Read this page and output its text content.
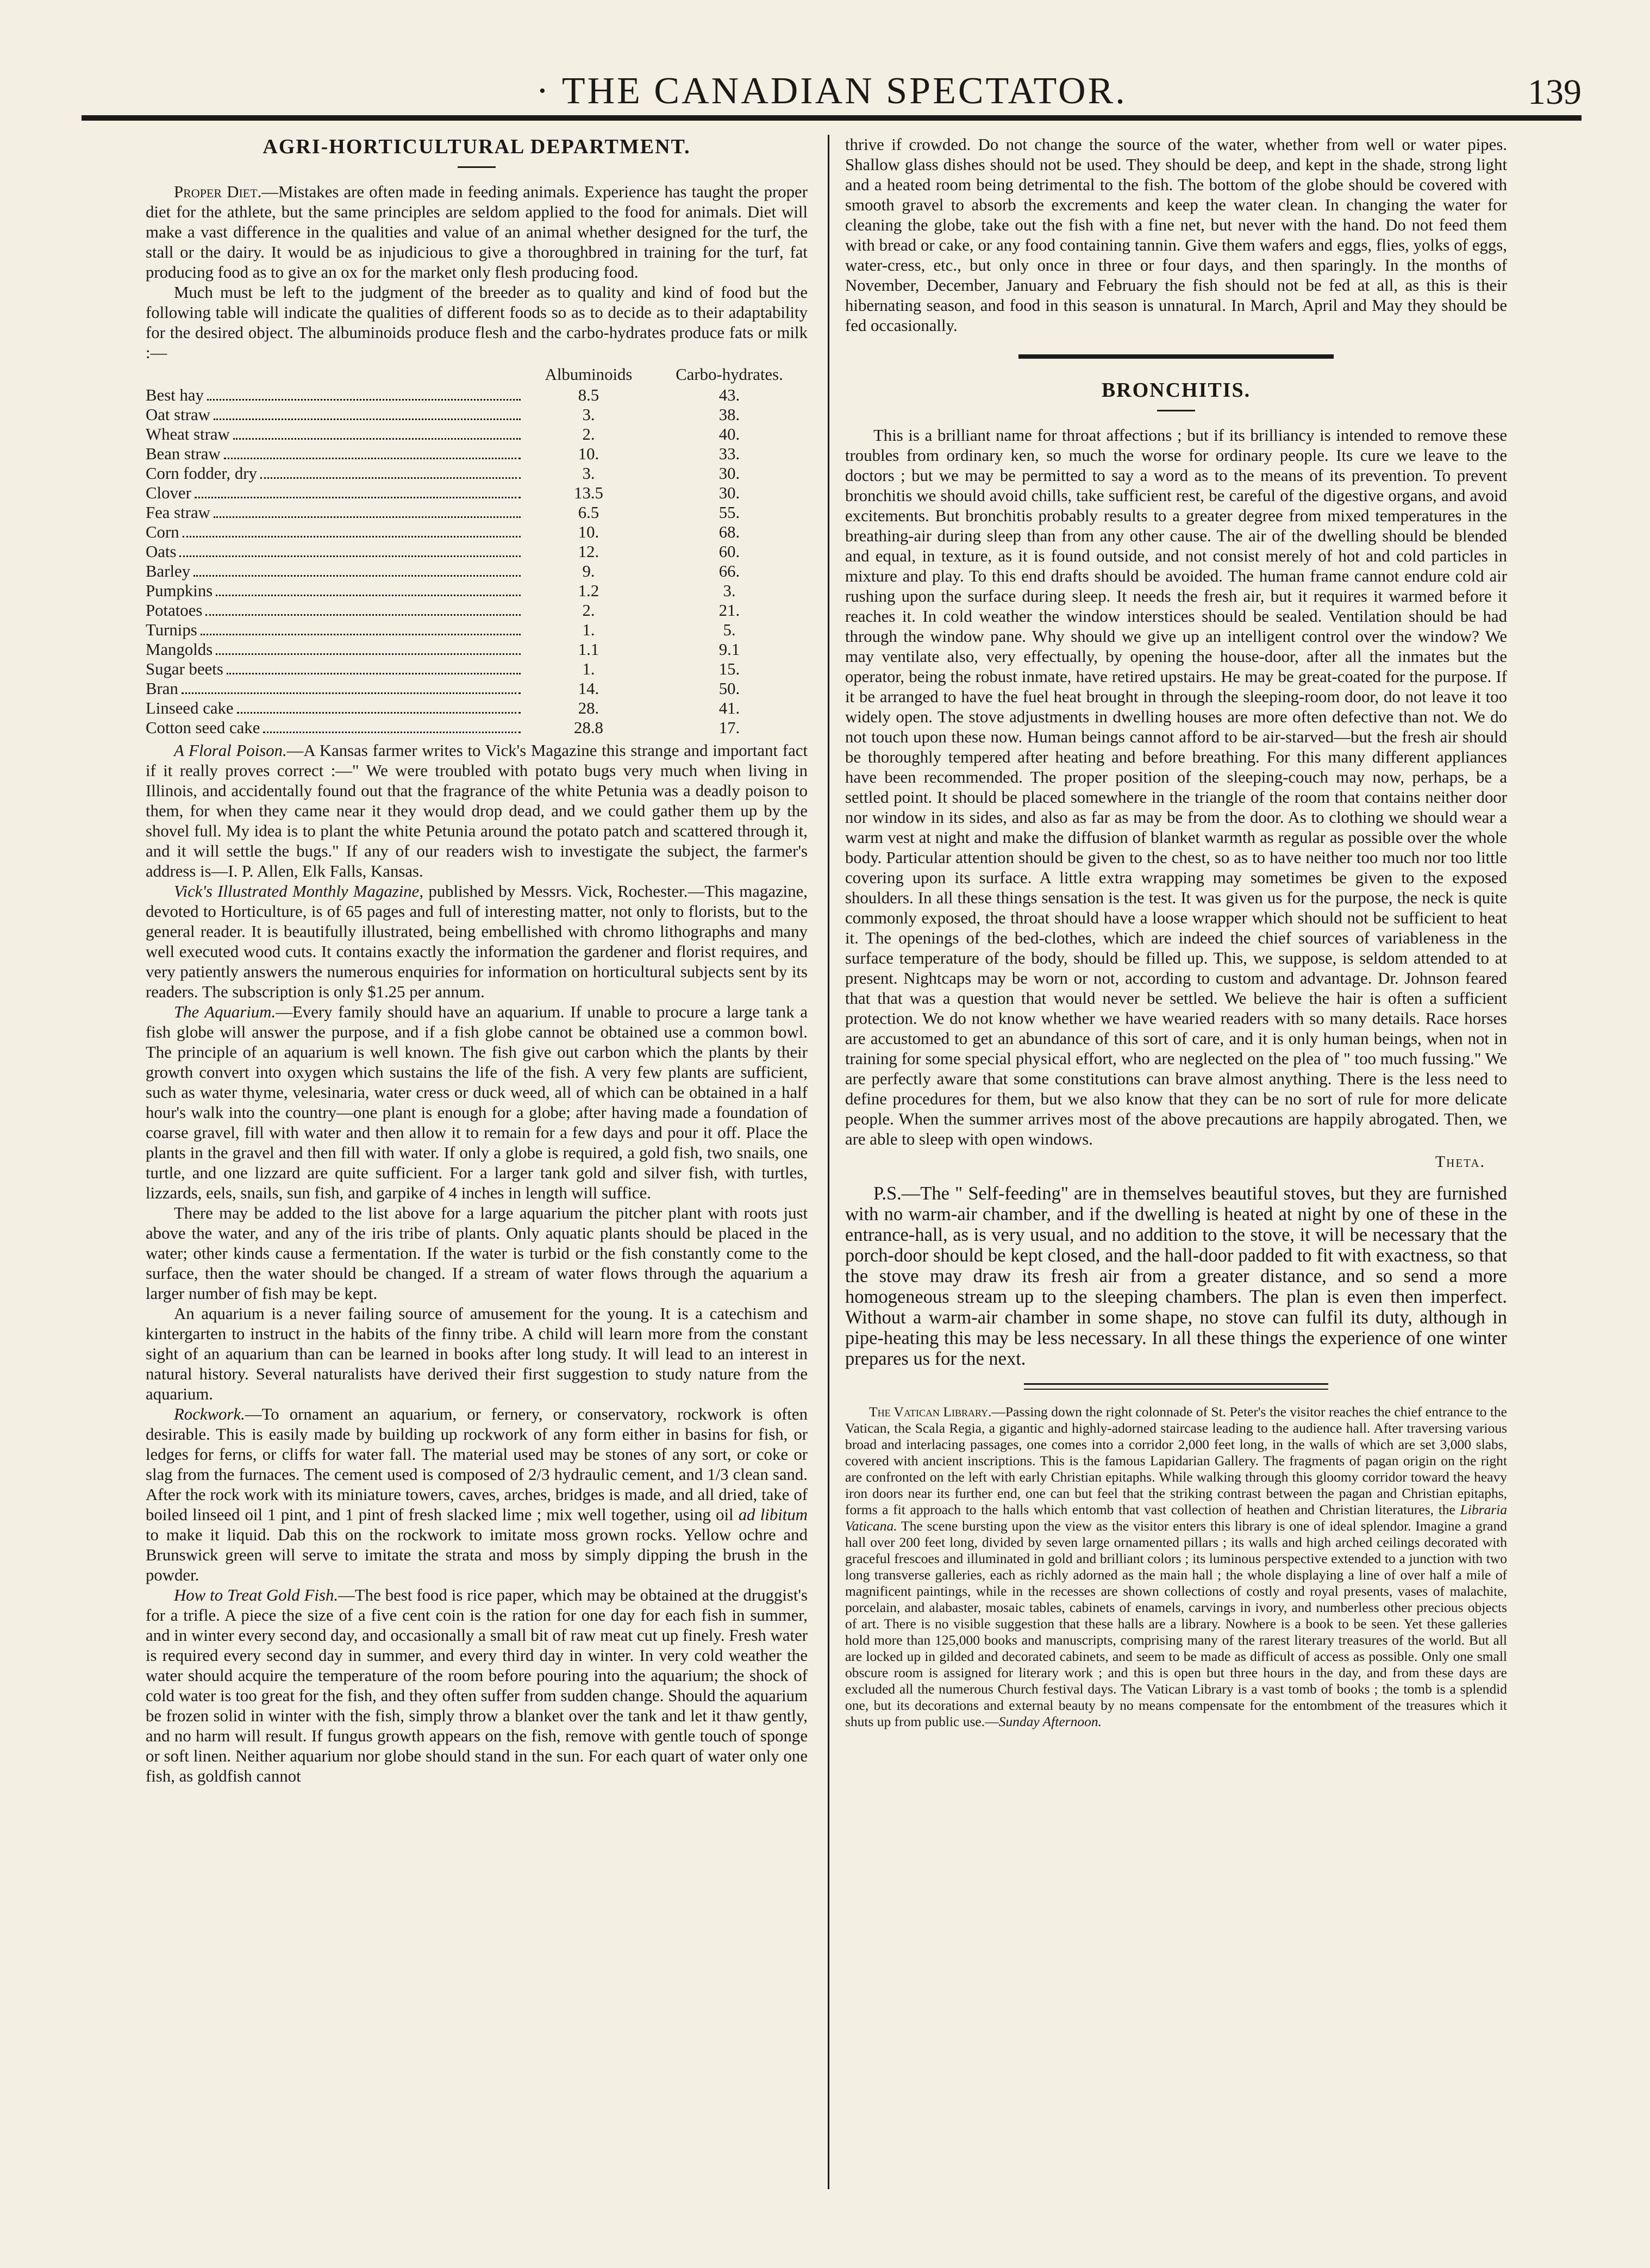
· THE CANADIAN SPECTATOR.	139
AGRI-HORTICULTURAL DEPARTMENT.

Proper Diet.—Mistakes are often made in feeding animals. Experience has taught the proper diet for the athlete, but the same principles are seldom applied to the food for animals. Diet will make a vast difference in the qualities and value of an animal whether designed for the turf, the stall or the dairy. It would be as injudicious to give a thoroughbred in training for the turf, fat producing food as to give an ox for the market only flesh producing food.

Much must be left to the judgment of the breeder as to quality and kind of food but the following table will indicate the qualities of different foods so as to decide as to their adaptability for the desired object. The albuminoids produce flesh and the carbo-hydrates produce fats or milk :—

	Albuminoids	Carbo-hydrates.

Best hay	8.5	43.

Oat straw	3.	38.

Wheat straw	2.	40.

Bean straw	10.	33.

Corn fodder, dry	3.	30.

Clover	13.5	30.

Fea straw	6.5	55.

Corn	10.	68.

Oats	12.	60.

Barley	9.	66.

Pumpkins	1.2	3.

Potatoes	2.	21.

Turnips	1.	5.

Mangolds	1.1	9.1

Sugar beets	1.	15.

Bran	14.	50.

Linseed cake	28.	41.

Cotton seed cake	28.8	17.

A Floral Poison.—A Kansas farmer writes to Vick's Magazine this strange and important fact if it really proves correct :—" We were troubled with potato bugs very much when living in Illinois, and accidentally found out that the fragrance of the white Petunia was a deadly poison to them, for when they came near it they would drop dead, and we could gather them up by the shovel full. My idea is to plant the white Petunia around the potato patch and scattered through it, and it will settle the bugs." If any of our readers wish to investigate the subject, the farmer's address is—I. P. Allen, Elk Falls, Kansas.

Vick's Illustrated Monthly Magazine, published by Messrs. Vick, Rochester.—This magazine, devoted to Horticulture, is of 65 pages and full of interesting matter, not only to florists, but to the general reader. It is beautifully illustrated, being embellished with chromo lithographs and many well executed wood cuts. It contains exactly the information the gardener and florist requires, and very patiently answers the numerous enquiries for information on horticultural subjects sent by its readers. The subscription is only $1.25 per annum.

The Aquarium.—Every family should have an aquarium. If unable to procure a large tank a fish globe will answer the purpose, and if a fish globe cannot be obtained use a common bowl. The principle of an aquarium is well known. The fish give out carbon which the plants by their growth convert into oxygen which sustains the life of the fish. A very few plants are sufficient, such as water thyme, velesinaria, water cress or duck weed, all of which can be obtained in a half hour's walk into the country—one plant is enough for a globe; after having made a foundation of coarse gravel, fill with water and then allow it to remain for a few days and pour it off. Place the plants in the gravel and then fill with water. If only a globe is required, a gold fish, two snails, one turtle, and one lizzard are quite sufficient. For a larger tank gold and silver fish, with turtles, lizzards, eels, snails, sun fish, and garpike of 4 inches in length will suffice.

There may be added to the list above for a large aquarium the pitcher plant with roots just above the water, and any of the iris tribe of plants. Only aquatic plants should be placed in the water; other kinds cause a fermentation. If the water is turbid or the fish constantly come to the surface, then the water should be changed. If a stream of water flows through the aquarium a larger number of fish may be kept.

An aquarium is a never failing source of amusement for the young. It is a catechism and kintergarten to instruct in the habits of the finny tribe. A child will learn more from the constant sight of an aquarium than can be learned in books after long study. It will lead to an interest in natural history. Several naturalists have derived their first suggestion to study nature from the aquarium.

Rockwork.—To ornament an aquarium, or fernery, or conservatory, rockwork is often desirable. This is easily made by building up rockwork of any form either in basins for fish, or ledges for ferns, or cliffs for water fall. The material used may be stones of any sort, or coke or slag from the furnaces. The cement used is composed of 2/3 hydraulic cement, and 1/3 clean sand. After the rock work with its miniature towers, caves, arches, bridges is made, and all dried, take of boiled linseed oil 1 pint, and 1 pint of fresh slacked lime ; mix well together, using oil ad libitum to make it liquid. Dab this on the rockwork to imitate moss grown rocks. Yellow ochre and Brunswick green will serve to imitate the strata and moss by simply dipping the brush in the powder.

How to Treat Gold Fish.—The best food is rice paper, which may be obtained at the druggist's for a trifle. A piece the size of a five cent coin is the ration for one day for each fish in summer, and in winter every second day, and occasionally a small bit of raw meat cut up finely. Fresh water is required every second day in summer, and every third day in winter. In very cold weather the water should acquire the temperature of the room before pouring into the aquarium; the shock of cold water is too great for the fish, and they often suffer from sudden change. Should the aquarium be frozen solid in winter with the fish, simply throw a blanket over the tank and let it thaw gently, and no harm will result. If fungus growth appears on the fish, remove with gentle touch of sponge or soft linen. Neither aquarium nor globe should stand in the sun. For each quart of water only one fish, as goldfish cannot

thrive if crowded. Do not change the source of the water, whether from well or water pipes. Shallow glass dishes should not be used. They should be deep, and kept in the shade, strong light and a heated room being detrimental to the fish. The bottom of the globe should be covered with smooth gravel to absorb the excrements and keep the water clean. In changing the water for cleaning the globe, take out the fish with a fine net, but never with the hand. Do not feed them with bread or cake, or any food containing tannin. Give them wafers and eggs, flies, yolks of eggs, water-cress, etc., but only once in three or four days, and then sparingly. In the months of November, December, January and February the fish should not be fed at all, as this is their hibernating season, and food in this season is unnatural. In March, April and May they should be fed occasionally.

BRONCHITIS.

This is a brilliant name for throat affections ; but if its brilliancy is intended to remove these troubles from ordinary ken, so much the worse for ordinary people. Its cure we leave to the doctors ; but we may be permitted to say a word as to the means of its prevention. To prevent bronchitis we should avoid chills, take sufficient rest, be careful of the digestive organs, and avoid excitements. But bronchitis probably results to a greater degree from mixed temperatures in the breathing-air during sleep than from any other cause. The air of the dwelling should be blended and equal, in texture, as it is found outside, and not consist merely of hot and cold particles in mixture and play. To this end drafts should be avoided. The human frame cannot endure cold air rushing upon the surface during sleep. It needs the fresh air, but it requires it warmed before it reaches it. In cold weather the window interstices should be sealed. Ventilation should be had through the window pane. Why should we give up an intelligent control over the window? We may ventilate also, very effectually, by opening the house-door, after all the inmates but the operator, being the robust inmate, have retired upstairs. He may be great-coated for the purpose. If it be arranged to have the fuel heat brought in through the sleeping-room door, do not leave it too widely open. The stove adjustments in dwelling houses are more often defective than not. We do not touch upon these now. Human beings cannot afford to be air-starved—but the fresh air should be thoroughly tempered after heating and before breathing. For this many different appliances have been recommended. The proper position of the sleeping-couch may now, perhaps, be a settled point. It should be placed somewhere in the triangle of the room that contains neither door nor window in its sides, and also as far as may be from the door. As to clothing we should wear a warm vest at night and make the diffusion of blanket warmth as regular as possible over the whole body. Particular attention should be given to the chest, so as to have neither too much nor too little covering upon its surface. A little extra wrapping may sometimes be given to the exposed shoulders. In all these things sensation is the test. It was given us for the purpose, the neck is quite commonly exposed, the throat should have a loose wrapper which should not be sufficient to heat it. The openings of the bed-clothes, which are indeed the chief sources of variableness in the surface temperature of the body, should be filled up. This, we suppose, is seldom attended to at present. Nightcaps may be worn or not, according to custom and advantage. Dr. Johnson feared that that was a question that would never be settled. We believe the hair is often a sufficient protection. We do not know whether we have wearied readers with so many details. Race horses are accustomed to get an abundance of this sort of care, and it is only human beings, when not in training for some special physical effort, who are neglected on the plea of " too much fussing." We are perfectly aware that some constitutions can brave almost anything. There is the less need to define procedures for them, but we also know that they can be no sort of rule for more delicate people. When the summer arrives most of the above precautions are happily abrogated. Then, we are able to sleep with open windows.

Theta.

P.S.—The " Self-feeding" are in themselves beautiful stoves, but they are furnished with no warm-air chamber, and if the dwelling is heated at night by one of these in the entrance-hall, as is very usual, and no addition to the stove, it will be necessary that the porch-door should be kept closed, and the hall-door padded to fit with exactness, so that the stove may draw its fresh air from a greater distance, and so send a more homogeneous stream up to the sleeping chambers. The plan is even then imperfect. Without a warm-air chamber in some shape, no stove can fulfil its duty, although in pipe-heating this may be less necessary. In all these things the experience of one winter prepares us for the next.

The Vatican Library.—Passing down the right colonnade of St. Peter's the visitor reaches the chief entrance to the Vatican, the Scala Regia, a gigantic and highly-adorned staircase leading to the audience hall. After traversing various broad and interlacing passages, one comes into a corridor 2,000 feet long, in the walls of which are set 3,000 slabs, covered with ancient inscriptions. This is the famous Lapidarian Gallery. The fragments of pagan origin on the right are confronted on the left with early Christian epitaphs. While walking through this gloomy corridor toward the heavy iron doors near its further end, one can but feel that the striking contrast between the pagan and Christian epitaphs, forms a fit approach to the halls which entomb that vast collection of heathen and Christian literatures, the Libraria Vaticana. The scene bursting upon the view as the visitor enters this library is one of ideal splendor. Imagine a grand hall over 200 feet long, divided by seven large ornamented pillars ; its walls and high arched ceilings decorated with graceful frescoes and illuminated in gold and brilliant colors ; its luminous perspective extended to a junction with two long transverse galleries, each as richly adorned as the main hall ; the whole displaying a line of over half a mile of magnificent paintings, while in the recesses are shown collections of costly and royal presents, vases of malachite, porcelain, and alabaster, mosaic tables, cabinets of enamels, carvings in ivory, and numberless other precious objects of art. There is no visible suggestion that these halls are a library. Nowhere is a book to be seen. Yet these galleries hold more than 125,000 books and manuscripts, comprising many of the rarest literary treasures of the world. But all are locked up in gilded and decorated cabinets, and seem to be made as difficult of access as possible. Only one small obscure room is assigned for literary work ; and this is open but three hours in the day, and from these days are excluded all the numerous Church festival days. The Vatican Library is a vast tomb of books ; the tomb is a splendid one, but its decorations and external beauty by no means compensate for the entombment of the treasures which it shuts up from public use.—Sunday Afternoon.
